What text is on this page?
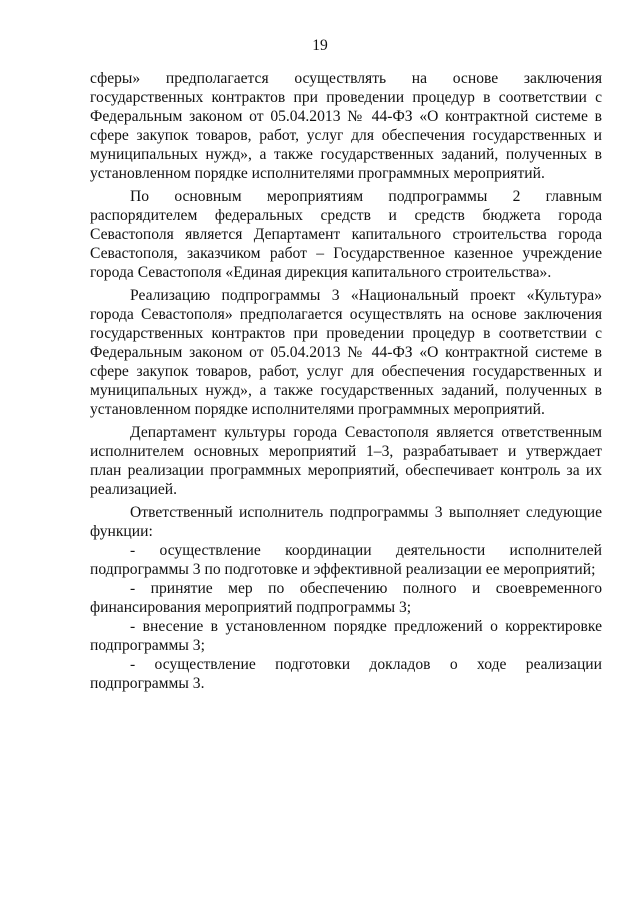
19

сферы» предполагается осуществлять на основе заключения государственных контрактов при проведении процедур в соответствии с Федеральным законом от 05.04.2013 № 44-ФЗ «О контрактной системе в сфере закупок товаров, работ, услуг для обеспечения государственных и муниципальных нужд», а также государственных заданий, полученных в установленном порядке исполнителями программных мероприятий.

По основным мероприятиям подпрограммы 2 главным распорядителем федеральных средств и средств бюджета города Севастополя является Департамент капитального строительства города Севастополя, заказчиком работ – Государственное казенное учреждение города Севастополя «Единая дирекция капитального строительства».

Реализацию подпрограммы 3 «Национальный проект «Культура» города Севастополя» предполагается осуществлять на основе заключения государственных контрактов при проведении процедур в соответствии с Федеральным законом от 05.04.2013 № 44-ФЗ «О контрактной системе в сфере закупок товаров, работ, услуг для обеспечения государственных и муниципальных нужд», а также государственных заданий, полученных в установленном порядке исполнителями программных мероприятий.

Департамент культуры города Севастополя является ответственным исполнителем основных мероприятий 1–3, разрабатывает и утверждает план реализации программных мероприятий, обеспечивает контроль за их реализацией.

Ответственный исполнитель подпрограммы 3 выполняет следующие функции:

- осуществление координации деятельности исполнителей подпрограммы 3 по подготовке и эффективной реализации ее мероприятий;

- принятие мер по обеспечению полного и своевременного финансирования мероприятий подпрограммы 3;

- внесение в установленном порядке предложений о корректировке подпрограммы 3;

- осуществление подготовки докладов о ходе реализации подпрограммы 3.
